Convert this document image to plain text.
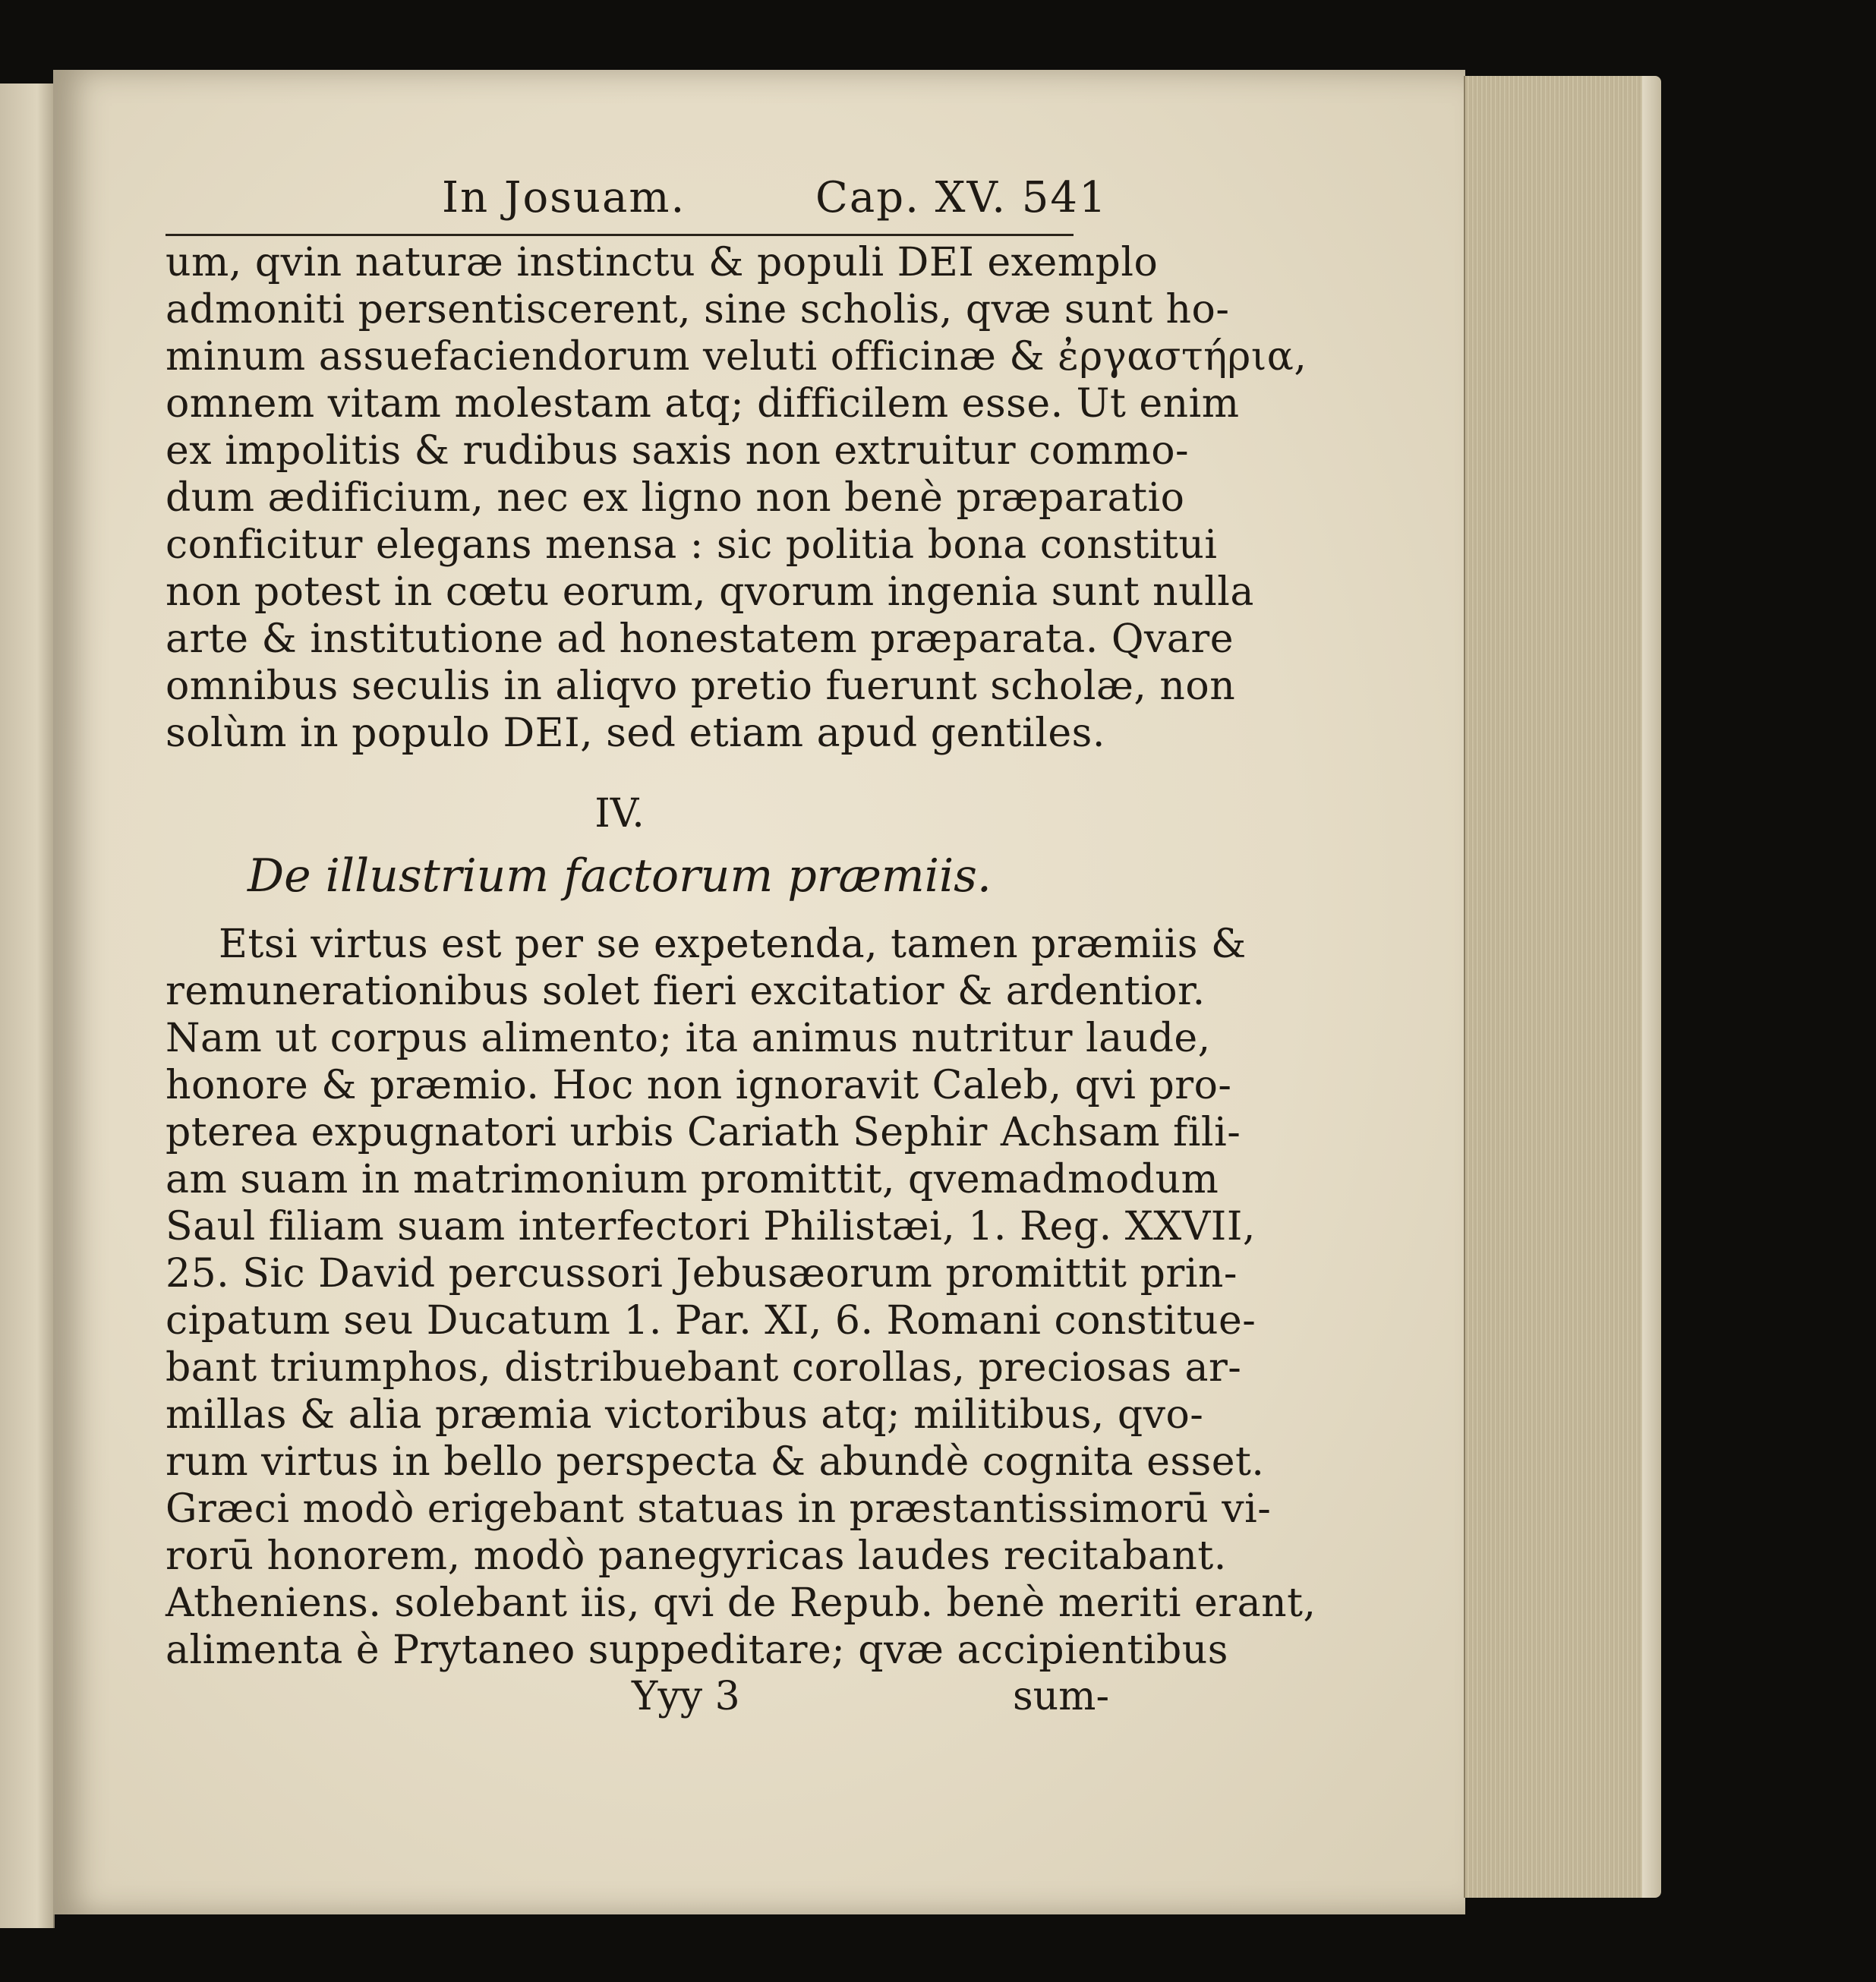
In Josuam.	Cap. XV. 541
um, qvin naturæ instinctu & populi DEI exemplo
admoniti persentiscerent, sine scholis, qvæ sunt ho-
minum assuefaciendorum veluti officinæ & ἐργαστήρια,
omnem vitam molestam atq; difficilem esse. Ut enim
ex impolitis & rudibus saxis non extruitur commo-
dum ædificium, nec ex ligno non benè præparatio
conficitur elegans mensa : sic politia bona constitui
non potest in cœtu eorum, qvorum ingenia sunt nulla
arte & institutione ad honestatem præparata. Qvare
omnibus seculis in aliqvo pretio fuerunt scholæ, non
solùm in populo DEI, sed etiam apud gentiles.
IV.
De illustrium factorum præmiis.
Etsi virtus est per se expetenda, tamen præmiis &
remunerationibus solet fieri excitatior & ardentior.
Nam ut corpus alimento; ita animus nutritur laude,
honore & præmio. Hoc non ignoravit Caleb, qvi pro-
pterea expugnatori urbis Cariath Sephir Achsam fili-
am suam in matrimonium promittit, qvemadmodum
Saul filiam suam interfectori Philistæi, 1. Reg. XXVII,
25. Sic David percussori Jebusæorum promittit prin-
cipatum seu Ducatum 1. Par. XI, 6. Romani constitue-
bant triumphos, distribuebant corollas, preciosas ar-
millas & alia præmia victoribus atq; militibus, qvo-
rum virtus in bello perspecta & abundè cognita esset.
Græci modò erigebant statuas in præstantissimorū vi-
rorū honorem, modò panegyricas laudes recitabant.
Atheniens. solebant iis, qvi de Repub. benè meriti erant,
alimenta è Prytaneo suppeditare; qvæ accipientibus
Yyy 3	sum-
